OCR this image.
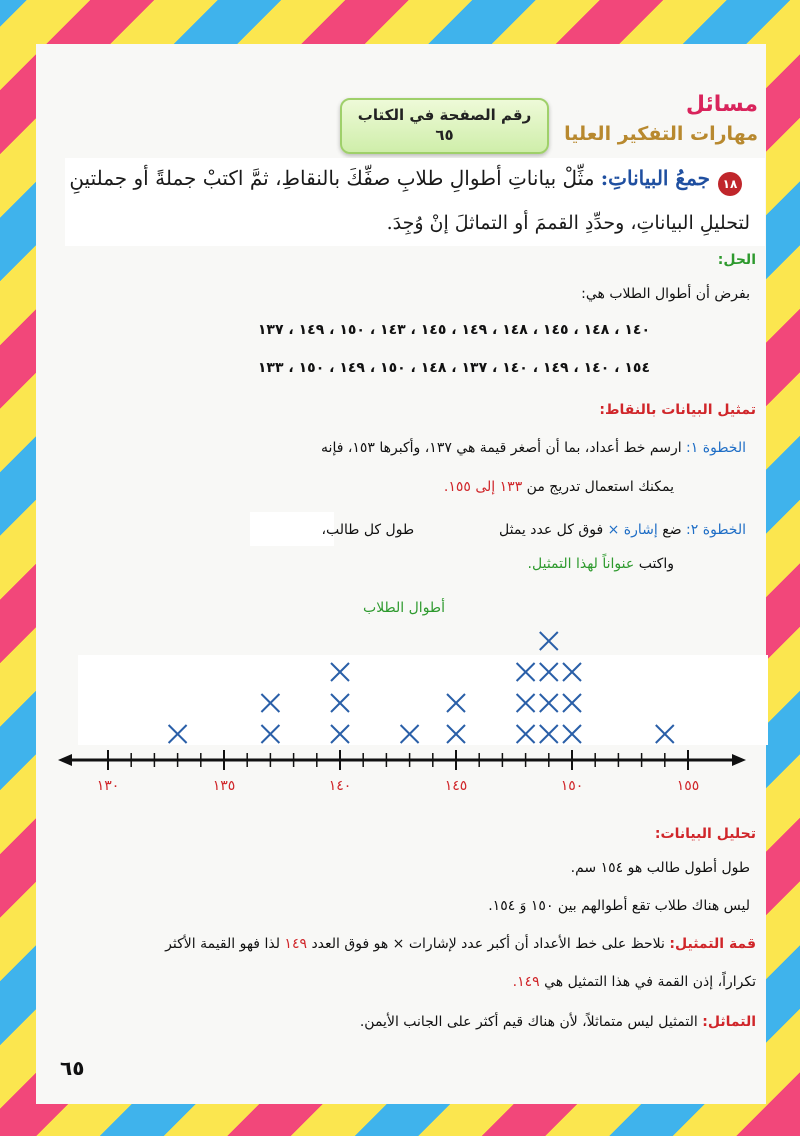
رقم الصفحة في الكتاب
٦٥
مسائل
مهارات التفكير العليا
١٨
جمعُ البياناتِ: مثِّلْ بياناتِ أطوالِ طلابِ صفِّكَ بالنقاطِ، ثمَّ اكتبْ جملةً أو جملتينِ
لتحليلِ البياناتِ، وحدِّدِ القممَ أو التماثلَ إنْ وُجِدَ.
الحل:
بفرض أن أطوال الطلاب هي:
١٤٠ ، ١٤٨ ، ١٤٥ ، ١٤٨ ، ١٤٩ ، ١٤٥ ، ١٤٣ ، ١٥٠ ، ١٤٩ ، ١٣٧
١٥٤ ، ١٤٠ ، ١٤٩ ، ١٤٠ ، ١٣٧ ، ١٤٨ ، ١٥٠ ، ١٤٩ ، ١٥٠ ، ١٣٣
تمثيل البيانات بالنقاط:
الخطوة ١: ارسم خط أعداد، بما أن أصغر قيمة هي ١٣٧، وأكبرها ١٥٣، فإنه
يمكنك استعمال تدريج من ١٣٣ إلى ١٥٥.
الخطوة ٢: ضع إشارة × فوق كل عدد يمثل  طول كل طالب،
واكتب عنواناً لهذا التمثيل.
أطوال الطلاب
١٣٠	١٣٥	١٤٠	١٤٥	١٥٠	١٥٥
تحليل البيانات:
طول أطول طالب هو ١٥٤ سم.
ليس هناك طلاب تقع أطوالهم بين ١٥٠ وَ ١٥٤.
قمة التمثيل: نلاحظ على خط الأعداد أن أكبر عدد لإشارات × هو فوق العدد ١٤٩ لذا فهو القيمة الأكثر
تكراراً، إذن القمة في هذا التمثيل هي ١٤٩.
التماثل: التمثيل ليس متماثلاً، لأن هناك قيم أكثر على الجانب الأيمن.
٦٥
